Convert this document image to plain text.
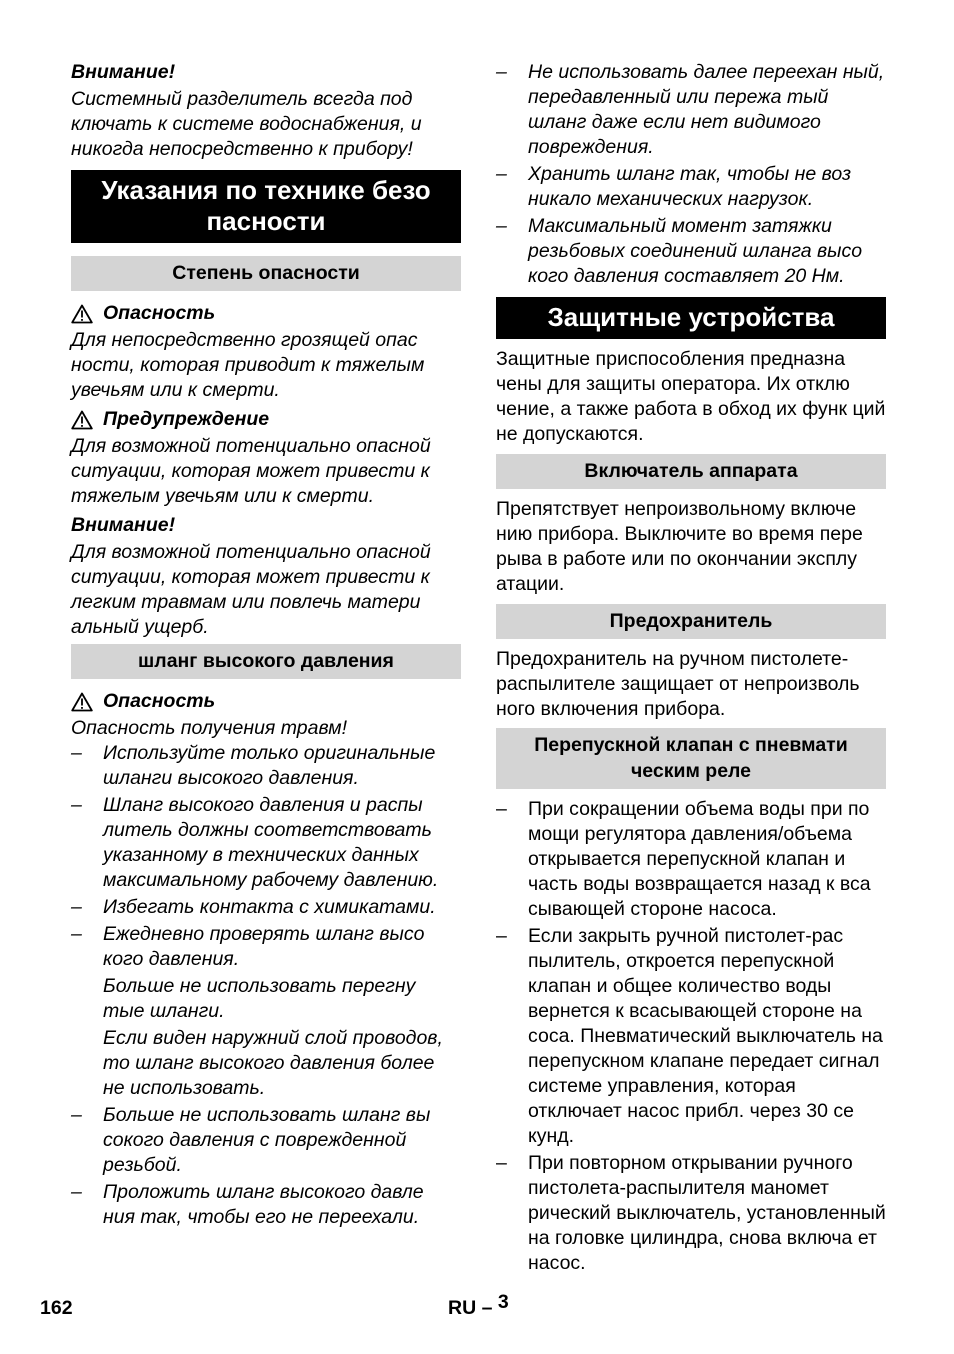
Внимание!
Системный разделитель всегда под ключать к системе водоснабжения, и никогда непосредственно к прибору!
Указания по технике безо пасности
Степень опасности
Опасность
Для непосредственно грозящей опас ности, которая приводит к тяжелым увечьям или к смерти.
Предупреждение
Для возможной потенциально опасной ситуации, которая может привести к тяжелым увечьям или к смерти.
Внимание!
Для возможной потенциально опасной ситуации, которая может привести к легким травмам или повлечь матери альный ущерб.
шланг высокого давления
Опасность
Опасность получения травм!
– Используйте только оригинальные шланги высокого давления.
– Шланг высокого давления и распы литель должны соответствовать указанному в технических данных максимальному рабочему давлению.
– Избегать контакта с химикатами.
– Ежедневно проверять шланг высо кого давления.
Больше не использовать перегну тые шланги.
Если виден наружний слой проводов, то шланг высокого давления более не использовать.
– Больше не использовать шланг вы сокого давления с поврежденной резьбой.
– Проложить шланг высокого давле ния так, чтобы его не переехали.
– Не использовать далее переехан ный, передавленный или пережа тый шланг даже если нет видимого повреждения.
– Хранить шланг так, чтобы не воз никало механических нагрузок.
– Максимальный момент затяжки резьбовых соединений шланга высо кого давления составляет 20 Нм.
Защитные устройства
Защитные приспособления предназна чены для защиты оператора. Их отклю чение, а также работа в обход их функ ций не допускаются.
Включатель аппарата
Препятствует непроизвольному включе нию прибора. Выключите во время пере рыва в работе или по окончании эксплу атации.
Предохранитель
Предохранитель на ручном пистолете-распылителе защищает от непроизволь ного включения прибора.
Перепускной клапан с пневмати ческим реле
– При сокращении объема воды при по мощи регулятора давления/объема открывается перепускной клапан и часть воды возвращается назад к вса сывающей стороне насоса.
– Если закрыть ручной пистолет-рас пылитель, откроется перепускной клапан и общее количество воды вернется к всасывающей стороне на соса. Пневматический выключатель на перепускном клапане передает сигнал системе управления, которая отключает насос прибл. через 30 се кунд.
– При повторном открывании ручного пистолета-распылителя маномет рический выключатель, установленный на головке цилиндра, снова включа ет насос.
162	RU – 3
